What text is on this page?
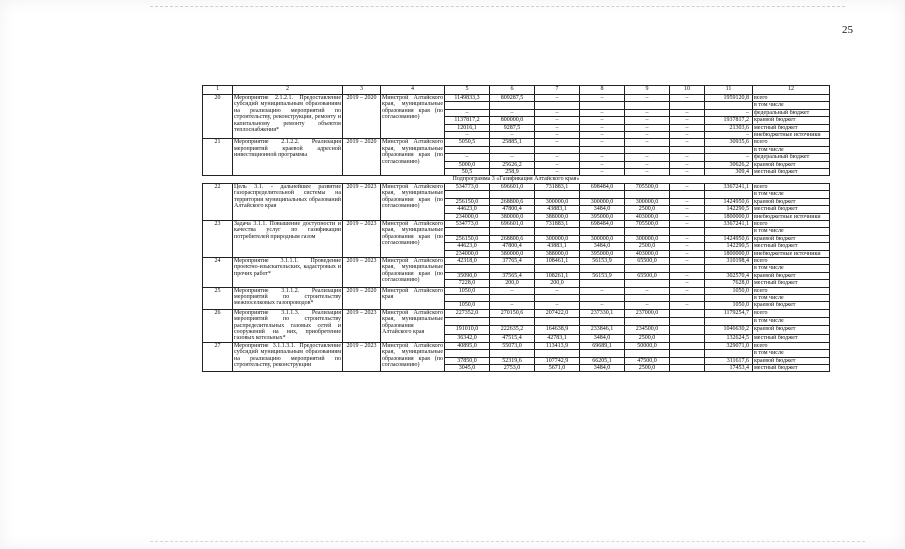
25
1	2	3	4	5	6	7	8	9	10	11	12
20	Мероприятие 2.1.2.1. Предоставление субсидий муниципальным образованиям на реализацию мероприятий по строительству, реконструкции, ремонту и капитальному ремонту объектов теплоснабжения*	2019 – 2020	Минстрой Алтайского края, муниципальные образования края (по согласованию)	1149833,3	809287,5	–	–	–	–	1959120,8	всего
											в том числе
				–	–	–	–	–	–	–	федеральный бюджет
				1137817,2	800000,0	–	–	–	–	1937817,2	краевой бюджет
				12016,1	9287,5	–	–	–	–	21303,6	местный бюджет
				–	–	–	–	–	–	–	внебюджетные источники
21	Мероприятие 2.1.2.2. Реализация мероприятий краевой адресной инвестиционной программы	2019 – 2020	Минстрой Алтайского края, муниципальные образования края (по согласованию)	5050,5	25885,1	–	–	–	–	30935,6	всего
											в том числе
				–	–	–	–	–	–	–	федеральный бюджет
				5000,0	25626,2	–	–	–	–	30626,2	краевой бюджет
				50,5	258,9	–	–	–	–	309,4	местный бюджет
Подпрограмма 3 «Газификация Алтайского края»											
22	Цель 3.1. - дальнейшее развитие газораспределительной системы на территории муниципальных образований Алтайского края	2019 – 2023	Минстрой Алтайского края, муниципальные образования края (по согласованию)	534773,0	696601,0	731883,1	698484,0	705500,0	–	3367241,1	всего
											в том числе
				256150,0	268800,6	300000,0	300000,0	300000,0	–	1424950,6	краевой бюджет
				44623,0	47800,4	43883,1	3484,0	2500,0	–	142290,5	местный бюджет
				234000,0	380000,0	388000,0	395000,0	403000,0	–	1800000,0	внебюджетные источники
23	Задача 3.1.1. Повышение доступности и качества услуг по газификации потребителей природным газом	2019 – 2023	Минстрой Алтайского края, муниципальные образования края (по согласованию)	534773,0	696601,0	731883,1	698484,0	705500,0	–	3367241,1	всего
											в том числе
				256150,0	268800,6	300000,0	300000,0	300000,0	–	1424950,6	краевой бюджет
				44623,0	47800,4	43883,1	3484,0	2500,0	–	142290,5	местный бюджет
				234000,0	380000,0	388000,0	395000,0	403000,0	–	1800000,0	внебюджетные источники
24	Мероприятие 3.1.1.1. Проведение проектно-изыскательских, кадастровых и прочих работ*	2019 – 2023	Минстрой Алтайского края, муниципальные образования края (по согласованию)	42318,0	37765,4	108461,1	56153,9	65500,0	–	310198,4	всего
											в том числе
				35090,0	37565,4	108261,1	56153,9	65500,0	–	302570,4	краевой бюджет
				7228,0	200,0	200,0			–	7628,0	местный бюджет
25	Мероприятие 3.1.1.2. Реализация мероприятий по строительству межпоселковых газопроводов*	2019 – 2020	Минстрой Алтайского края	1050,0	–	–	–	–	–	1050,0	всего
											в том числе
				1050,0	–	–	–	–	–	1050,0	краевой бюджет
26	Мероприятие 3.1.1.3. Реализация мероприятий по строительству распределительных газовых сетей и сооружений на них, приобретение газовых котельных*	2019 – 2023	Минстрой Алтайского края, муниципальные образования Алтайского края	227352,0	270150,6	207422,0	237330,1	237000,0		1179254,7	всего
											в том числе
				191010,0	222635,2	164638,9	233846,1	234500,0		1046630,2	краевой бюджет
				36342,0	47515,4	42783,1	3484,0	2500,0		132624,5	местный бюджет
27	Мероприятие 3.1.1.3.1. Предоставление субсидий муниципальным образованиям на реализацию мероприятий по строительству, реконструкции	2019 – 2023	Минстрой Алтайского края, муниципальные образования края (по согласованию)	40895,0	55073,0	113413,9	69689,1	50000,0		329071,0	всего
											в том числе
				37850,0	52319,6	107742,9	66205,1	47500,0		311617,6	краевой бюджет
				3045,0	2753,0	5671,0	3484,0	2500,0		17453,4	местный бюджет
